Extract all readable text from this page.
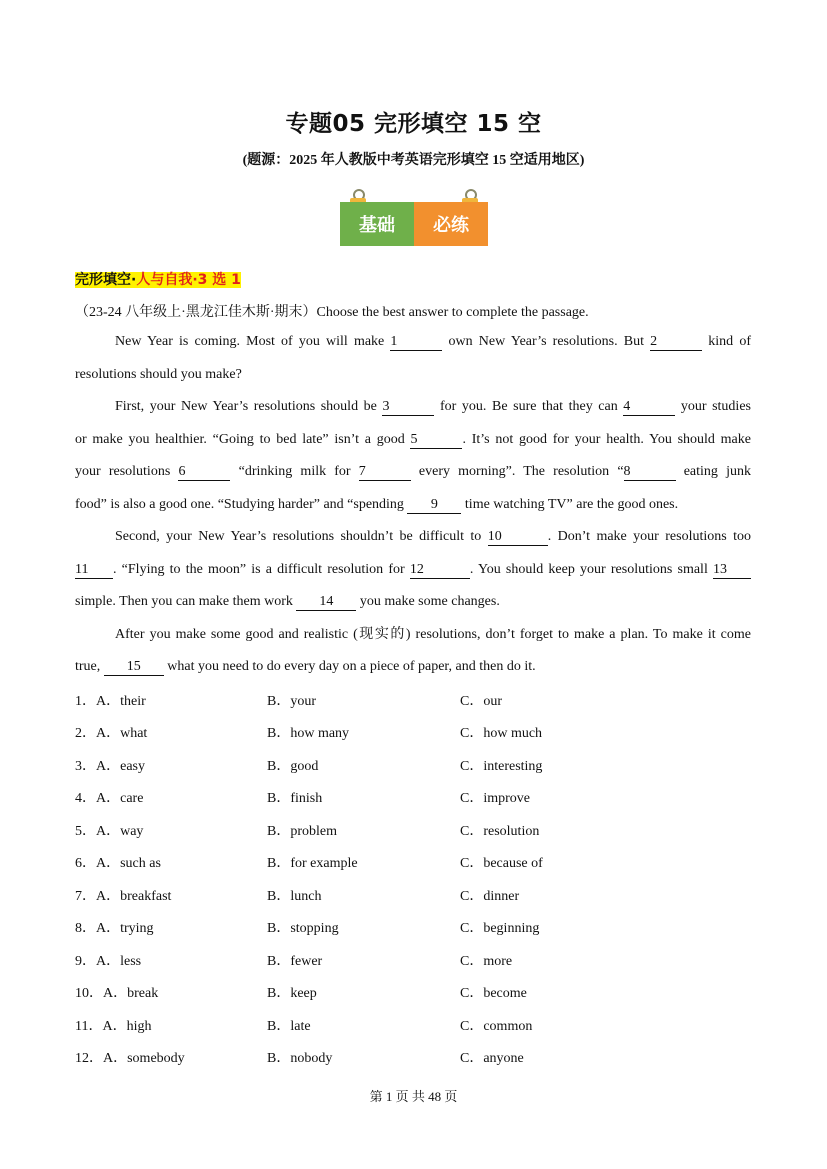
专题05 完形填空 15 空
(题源：2025 年人教版中考英语完形填空 15 空适用地区)
基础	必练
完形填空·人与自我·3 选 1
（23-24 八年级上·黑龙江佳木斯·期末）Choose the best answer to complete the passage.
New Year is coming. Most of you will make 1	own New Year’s resolutions. But 2	kind of
resolutions should you make?
First, your New Year’s resolutions should be 3	for you. Be sure that they can 4	your studies
or make you healthier. “Going to bed late” isn’t a good 5	. It’s not good for your health. You should make
your resolutions 6	“drinking milk for 7	every morning”. The resolution “8	eating junk
food” is also a good one. “Studying harder” and “spending 9 time watching TV” are the good ones.
Second, your New Year’s resolutions shouldn’t be difficult to 10	. Don’t make your resolutions too
11 . “Flying to the moon” is a difficult resolution for 12	. You should keep your resolutions small 13
simple. Then you can make them work 14 you make some changes.
After you make some good and realistic (现实的) resolutions, don’t forget to make a plan. To make it come
true, 15 what you need to do every day on a piece of paper, and then do it.
1．A．their	B．your	C．our
2．A．what	B．how many	C．how much
3．A．easy	B．good	C．interesting
4．A．care	B．finish	C．improve
5．A．way	B．problem	C．resolution
6．A．such as	B．for example	C．because of
7．A．breakfast	B．lunch	C．dinner
8．A．trying	B．stopping	C．beginning
9．A．less	B．fewer	C．more
10．A．break	B．keep	C．become
11．A．high	B．late	C．common
12．A．somebody	B．nobody	C．anyone
第 1 页 共 48 页
